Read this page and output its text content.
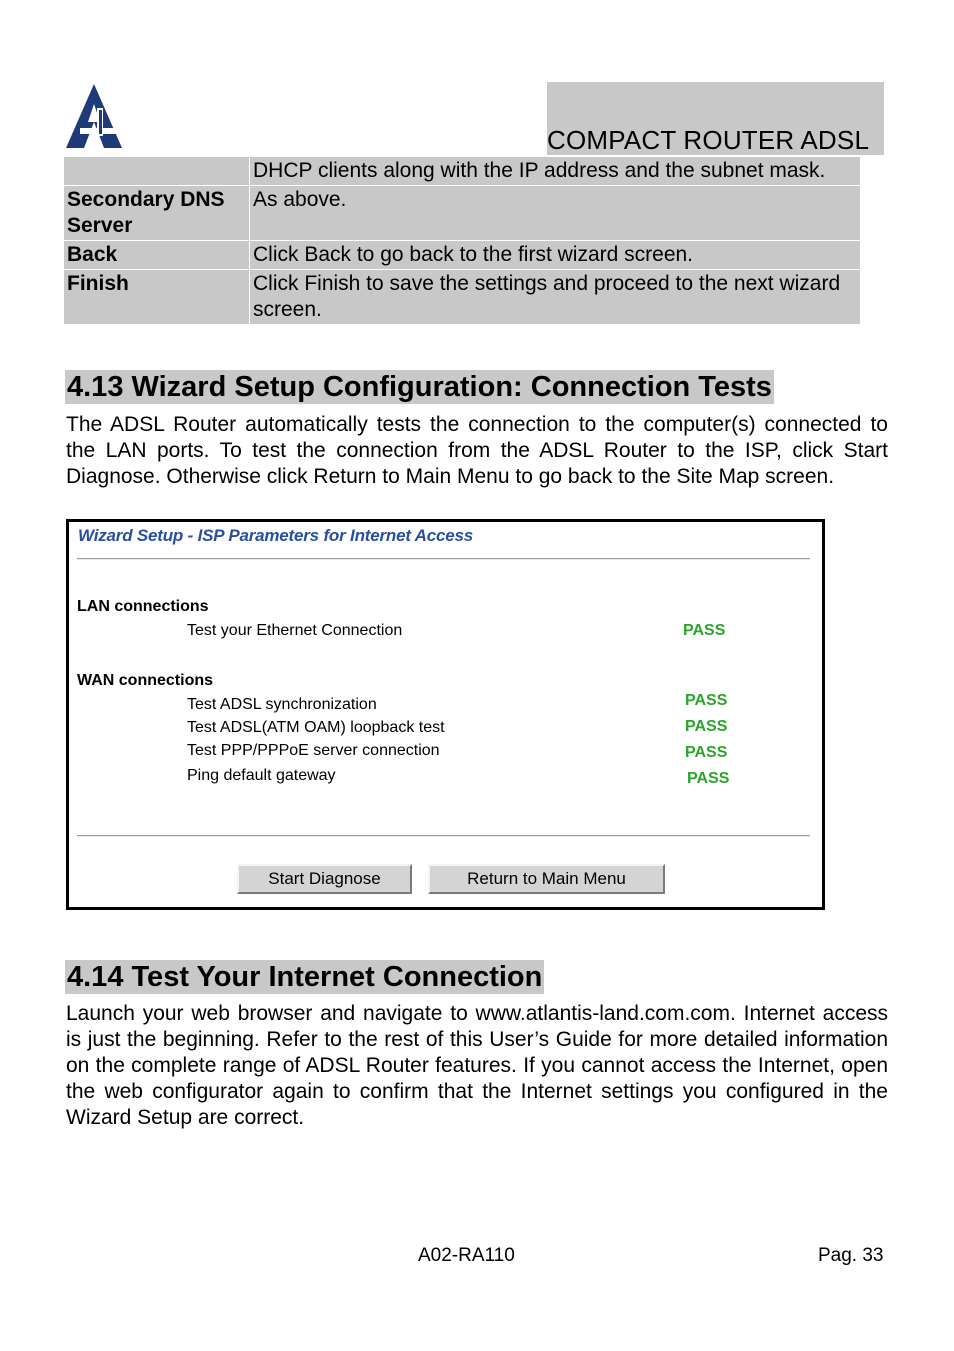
COMPACT ROUTER ADSL
	DHCP clients along with the IP address and the subnet mask.
Secondary DNS Server	As above.
Back	Click Back to go back to the first wizard screen.
Finish	Click Finish to save the settings and proceed to the next wizard screen.
4.13 Wizard Setup Configuration: Connection Tests
The ADSL Router automatically tests the connection to the computer(s) connected to the LAN ports. To test the connection from the ADSL Router to the ISP, click Start Diagnose. Otherwise click Return to Main Menu to go back to the Site Map screen.
Wizard Setup - ISP Parameters for Internet Access
LAN connections
Test your Ethernet Connection	PASS
WAN connections
Test ADSL synchronization	PASS
Test ADSL(ATM OAM) loopback test	PASS
Test PPP/PPPoE server connection	PASS
Ping default gateway	PASS
Start Diagnose	Return to Main Menu
4.14 Test Your Internet Connection
Launch your web browser and navigate to www.atlantis-land.com.com. Internet access is just the beginning. Refer to the rest of this User’s Guide for more detailed information on the complete range of ADSL Router features. If you cannot access the Internet, open the web configurator again to confirm that the Internet settings you configured in the Wizard Setup are correct.
A02-RA110	Pag. 33
